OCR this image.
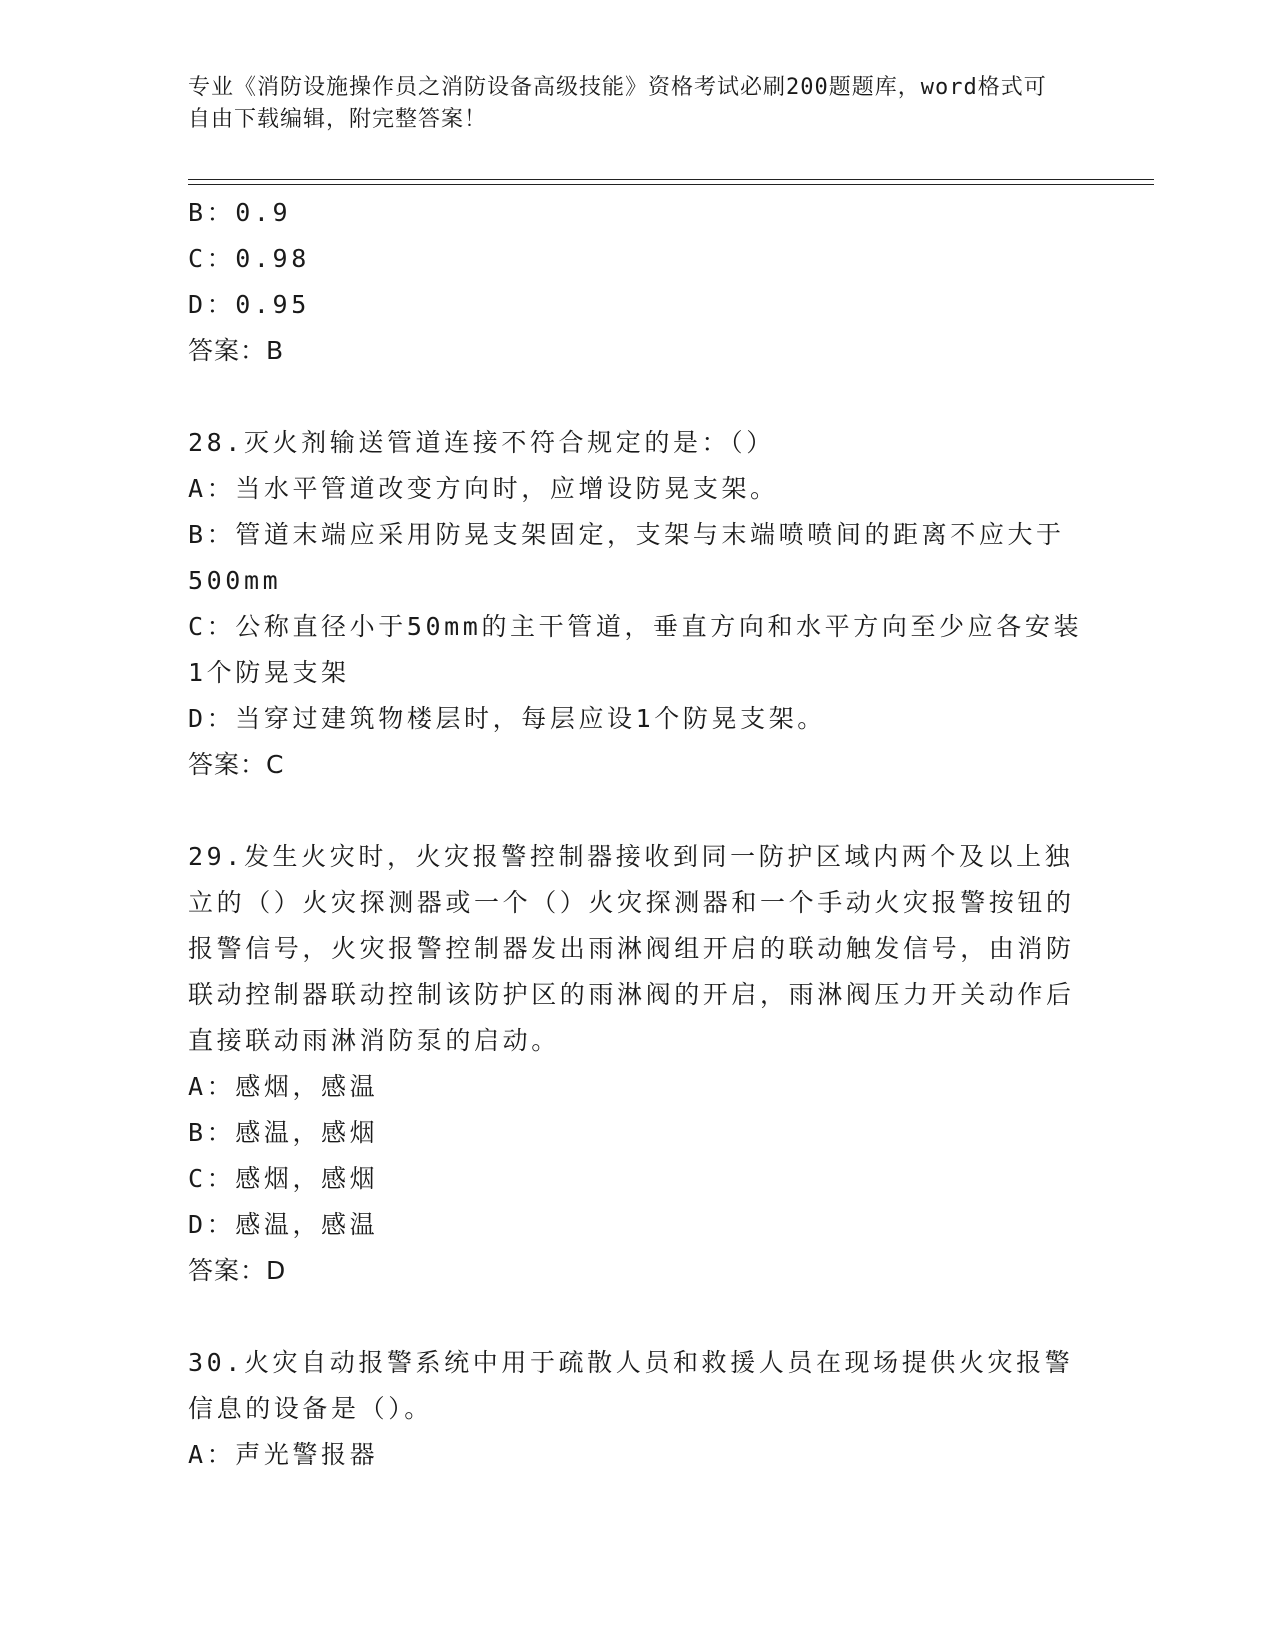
专业《消防设施操作员之消防设备高级技能》资格考试必刷200题题库，word格式可自由下载编辑，附完整答案！
B：0.9
C：0.98
D：0.95
答案：B
28.灭火剂输送管道连接不符合规定的是：（）
A：当水平管道改变方向时，应增设防晃支架。
B：管道末端应采用防晃支架固定，支架与末端喷喷间的距离不应大于500mm
C：公称直径小于50mm的主干管道，垂直方向和水平方向至少应各安装1个防晃支架
D：当穿过建筑物楼层时，每层应设1个防晃支架。
答案：C
29.发生火灾时，火灾报警控制器接收到同一防护区域内两个及以上独立的（）火灾探测器或一个（）火灾探测器和一个手动火灾报警按钮的报警信号，火灾报警控制器发出雨淋阀组开启的联动触发信号，由消防联动控制器联动控制该防护区的雨淋阀的开启，雨淋阀压力开关动作后直接联动雨淋消防泵的启动。
A：感烟，感温
B：感温，感烟
C：感烟，感烟
D：感温，感温
答案：D
30.火灾自动报警系统中用于疏散人员和救援人员在现场提供火灾报警信息的设备是（）。
A：声光警报器
